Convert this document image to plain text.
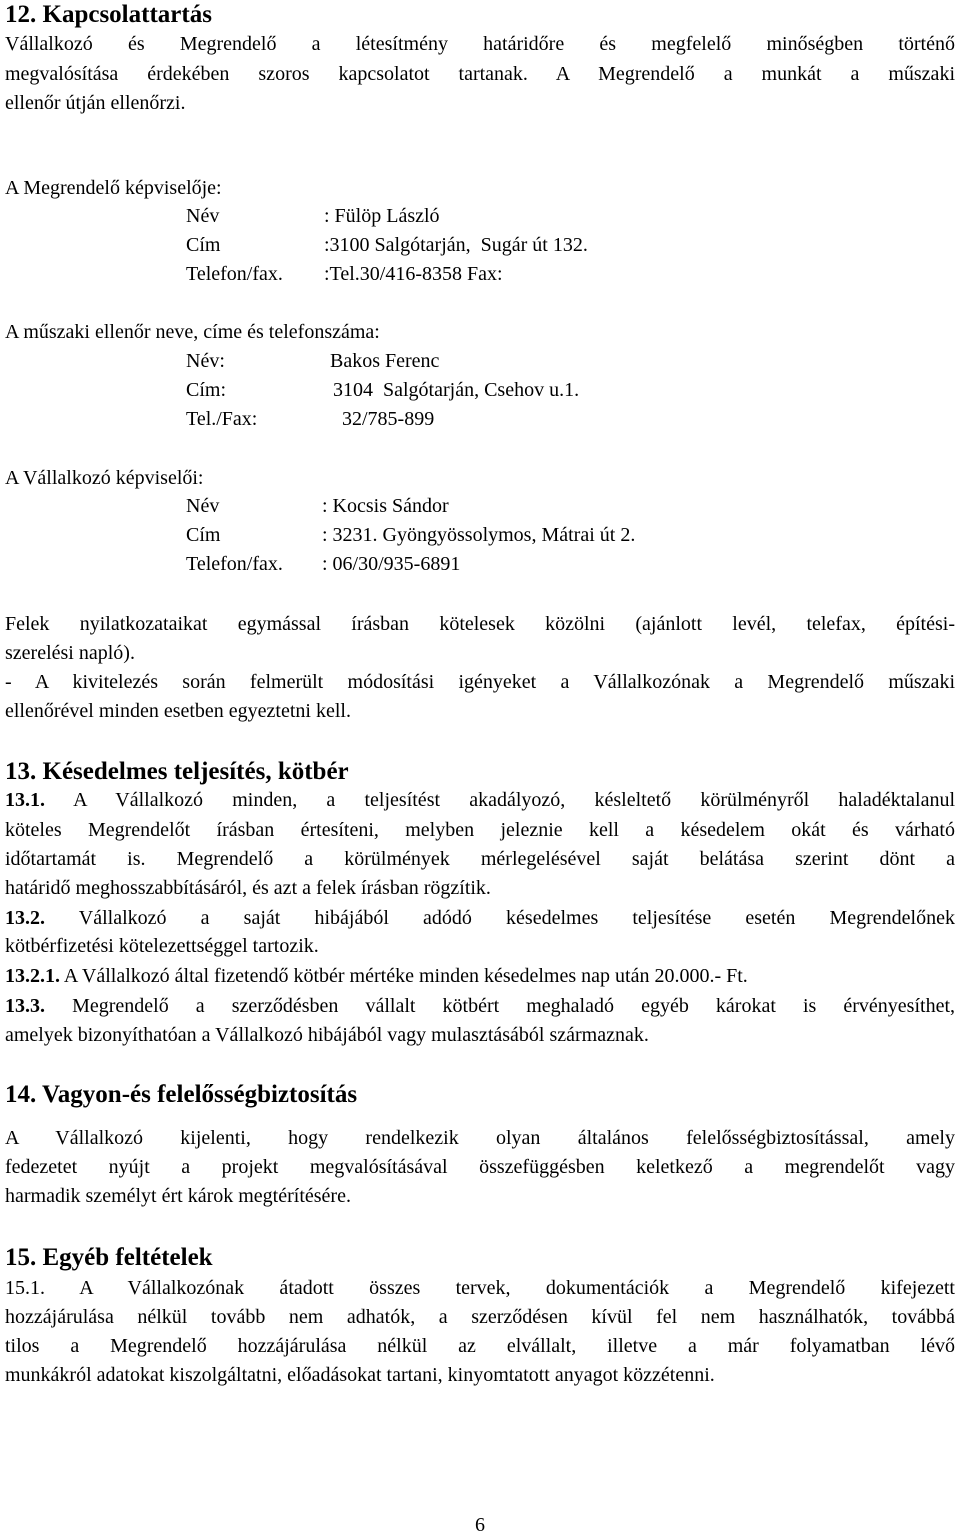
12. Kapcsolattartás
Vállalkozó és Megrendelő a létesítmény határidőre és megfelelő minőségben történő
megvalósítása érdekében szoros kapcsolatot tartanak. A Megrendelő a munkát a műszaki
ellenőr útján ellenőrzi.
A Megrendelő képviselője:
Név	: Fülöp László
Cím	:3100 Salgótarján,  Sugár út 132.
Telefon/fax. :Tel.30/416-8358 Fax:
A műszaki ellenőr neve, címe és telefonszáma:
Név:	Bakos Ferenc
Cím:	3104  Salgótarján, Csehov u.1.
Tel./Fax:	32/785-899
A Vállalkozó képviselői:
Név	: Kocsis Sándor
Cím	: 3231. Gyöngyössolymos, Mátrai út 2.
Telefon/fax. : 06/30/935-6891
Felek nyilatkozataikat egymással írásban kötelesek közölni (ajánlott levél, telefax, építési-
szerelési napló).
- A kivitelezés során felmerült módosítási igényeket a Vállalkozónak a Megrendelő műszaki
ellenőrével minden esetben egyeztetni kell.
13. Késedelmes teljesítés, kötbér
13.1. A Vállalkozó minden, a teljesítést akadályozó, késleltető körülményről haladéktalanul
köteles Megrendelőt írásban értesíteni, melyben jeleznie kell a késedelem okát és várható
időtartamát is. Megrendelő a körülmények mérlegelésével saját belátása szerint dönt a
határidő meghosszabbításáról, és azt a felek írásban rögzítik.
13.2. Vállalkozó a saját hibájából adódó késedelmes teljesítése esetén Megrendelőnek
kötbérfizetési kötelezettséggel tartozik.
13.2.1. A Vállalkozó által fizetendő kötbér mértéke minden késedelmes nap után 20.000.- Ft.
13.3. Megrendelő a szerződésben vállalt kötbért meghaladó egyéb károkat is érvényesíthet,
amelyek bizonyíthatóan a Vállalkozó hibájából vagy mulasztásából származnak.
14. Vagyon-és felelősségbiztosítás
A Vállalkozó kijelenti, hogy rendelkezik olyan általános felelősségbiztosítással, amely
fedezetet nyújt a projekt megvalósításával összefüggésben keletkező a megrendelőt vagy
harmadik személyt ért károk megtérítésére.
15. Egyéb feltételek
15.1. A Vállalkozónak átadott összes tervek, dokumentációk a Megrendelő kifejezett
hozzájárulása nélkül tovább nem adhatók, a szerződésen kívül fel nem használhatók, továbbá
tilos a Megrendelő hozzájárulása nélkül az elvállalt, illetve a már folyamatban lévő
munkákról adatokat kiszolgáltatni, előadásokat tartani, kinyomtatott anyagot közzétenni.
6
